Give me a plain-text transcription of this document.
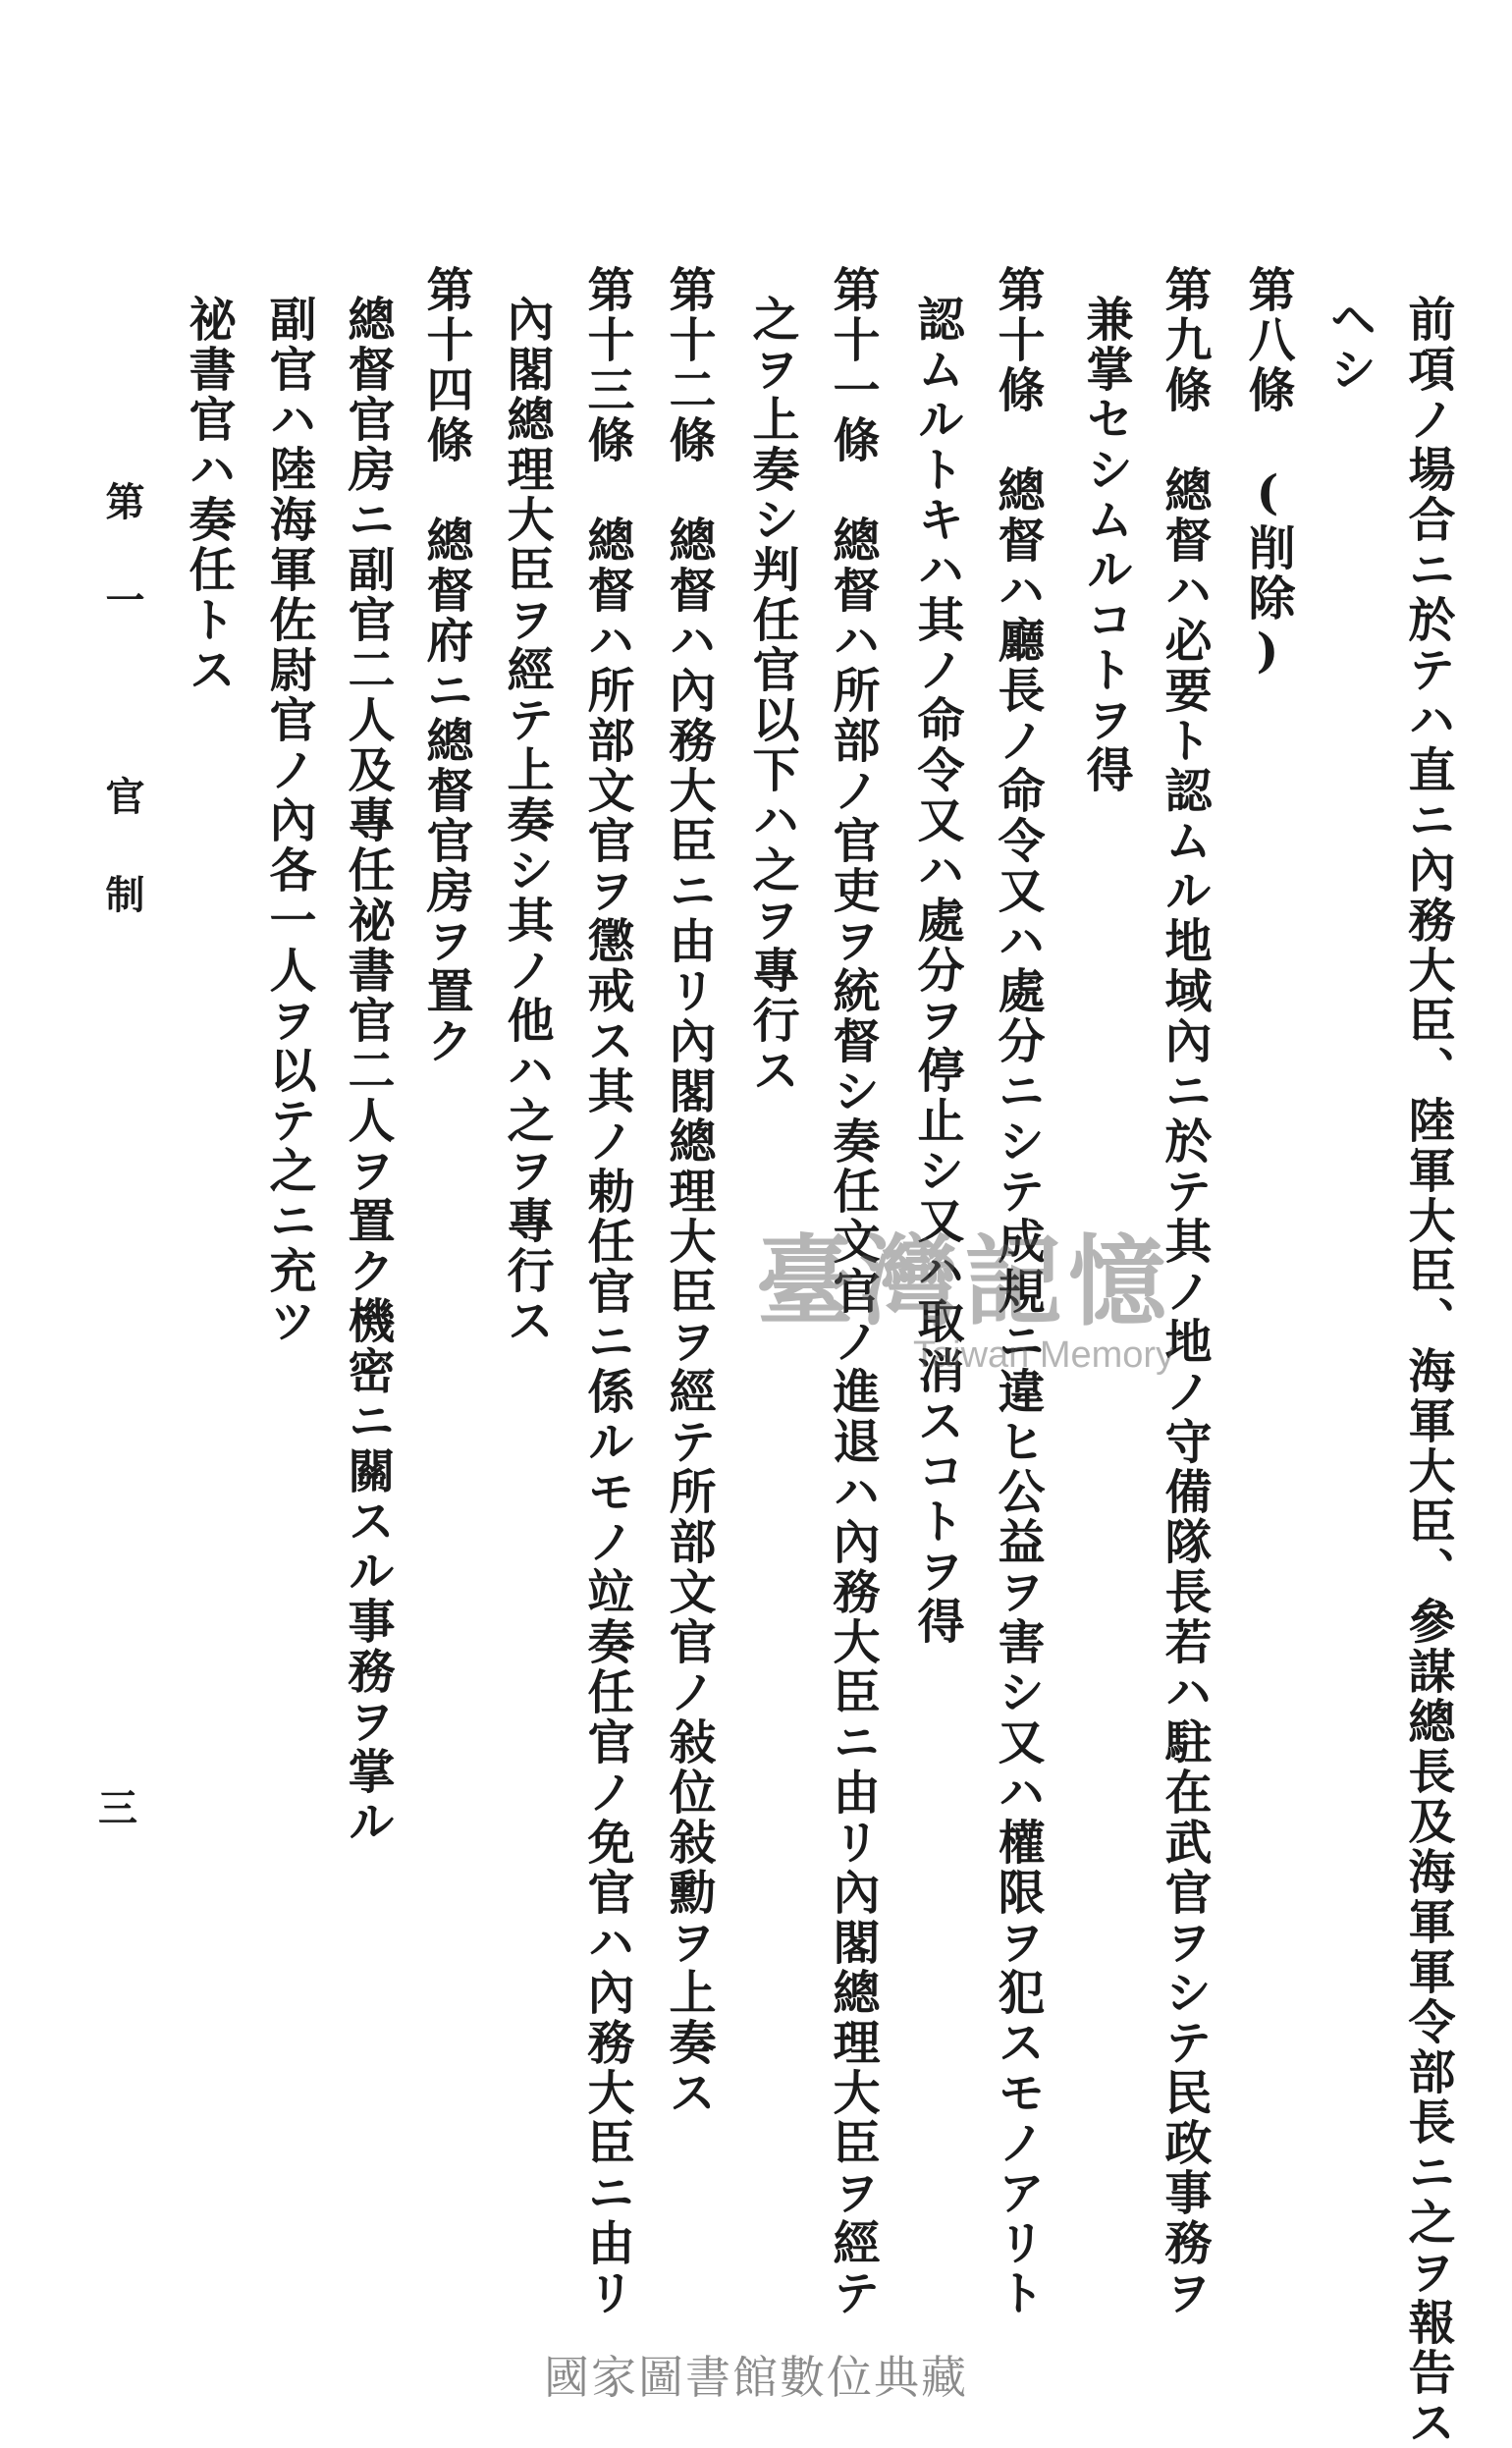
前項ノ場合ニ於テハ直ニ內務大臣、陸軍大臣、海軍大臣、參謀總長及海軍軍令部長ニ之ヲ報告ス
ヘシ
第八條　(削除)
第九條　總督ハ必要ト認ムル地域內ニ於テ其ノ地ノ守備隊長若ハ駐在武官ヲシテ民政事務ヲ
兼掌セシムルコトヲ得
第十條　總督ハ廳長ノ命令又ハ處分ニシテ成規ニ違ヒ公益ヲ害シ又ハ權限ヲ犯スモノアリト
認ムルトキハ其ノ命令又ハ處分ヲ停止シ又ハ取消スコトヲ得
第十一條　總督ハ所部ノ官吏ヲ統督シ奏任文官ノ進退ハ內務大臣ニ由リ內閣總理大臣ヲ經テ
之ヲ上奏シ判任官以下ハ之ヲ專行ス
第十二條　總督ハ內務大臣ニ由リ內閣總理大臣ヲ經テ所部文官ノ敍位敍勳ヲ上奏ス
第十三條　總督ハ所部文官ヲ懲戒ス其ノ勅任官ニ係ルモノ竝奏任官ノ免官ハ內務大臣ニ由リ
內閣總理大臣ヲ經テ上奏シ其ノ他ハ之ヲ專行ス
第十四條　總督府ニ總督官房ヲ置ク
總督官房ニ副官二人及專任祕書官二人ヲ置ク機密ニ關スル事務ヲ掌ル
副官ハ陸海軍佐尉官ノ內各一人ヲ以テ之ニ充ツ
祕書官ハ奏任トス
第一　官制
三
臺灣記憶
Taiwan Memory
國家圖書館數位典藏
